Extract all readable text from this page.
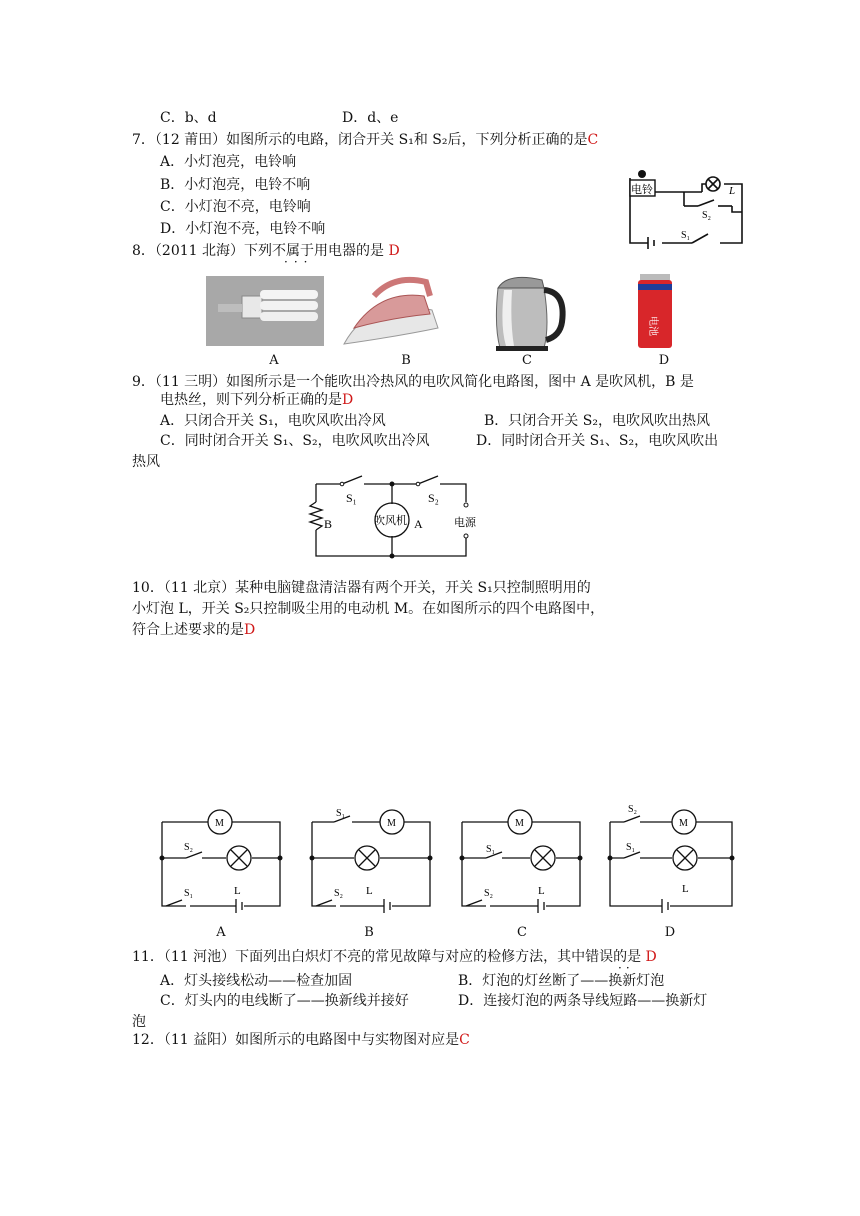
C．b、d	D．d、e
7．（12 莆田）如图所示的电路，闭合开关 S₁和 S₂后，下列分析正确的是C
A．小灯泡亮，电铃响
B．小灯泡亮，电铃不响
C．小灯泡不亮，电铃响
D．小灯泡不亮，电铃不响
电铃	L
S₁
S₂
8．（2011 北海）下列不属于用电器的是 D
···
电池
A	B	C	D
9．（11 三明）如图所示是一个能吹出冷热风的电吹风简化电路图，图中 A 是吹风机，B 是
电热丝，则下列分析正确的是D
A．只闭合开关 S₁，电吹风吹出冷风	B．只闭合开关 S₂，电吹风吹出热风
C．同时闭合开关 S₁、S₂，电吹风吹出冷风	D．同时闭合开关 S₁、S₂，电吹风吹出
热风
S₁	S₂
B	吹风机 A	电源
10．（11 北京）某种电脑键盘清洁器有两个开关，开关 S₁只控制照明用的
小灯泡 L，开关 S₂只控制吸尘用的电动机 M。在如图所示的四个电路图中，
符合上述要求的是D
M
S₂
S₁	L
M
S₁
S₂ L
M
S₁
S₂	L
M
S₂
S₁
L
A	B	C	D
11．（11 河池）下面列出白炽灯不亮的常见故障与对应的检修方法，其中错误的是 D
··
A．灯头接线松动——检查加固	B．灯泡的灯丝断了——换新灯泡
C．灯头内的电线断了——换新线并接好	D．连接灯泡的两条导线短路——换新灯
泡
12．（11 益阳）如图所示的电路图中与实物图对应是C
